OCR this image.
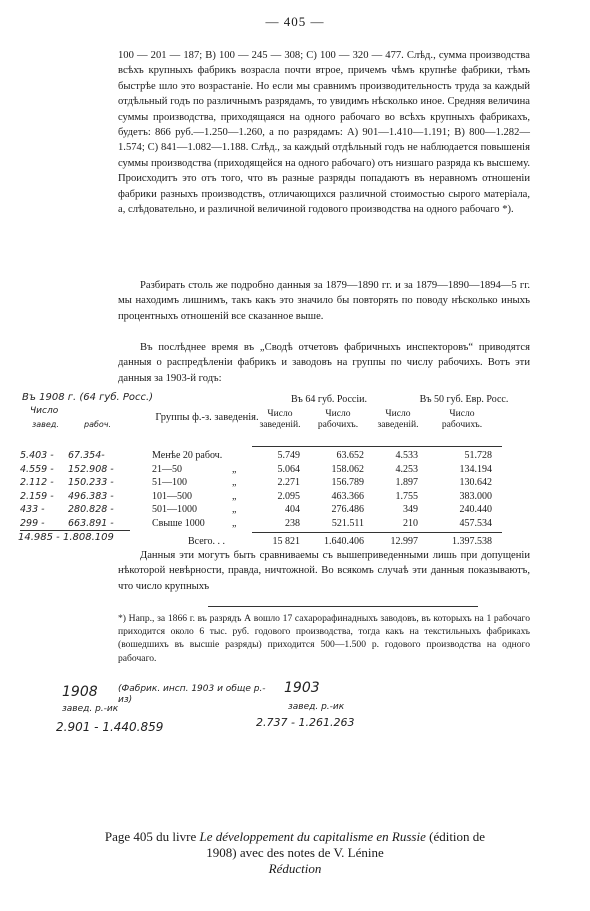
— 405 —

100 — 201 — 187; В) 100 — 245 — 308; С) 100 — 320 — 477. Слѣд., сумма производства всѣхъ крупныхъ фабрикъ возрасла почти втрое, причемъ чѣмъ крупнѣе фабрики, тѣмъ быстрѣе шло это возрастаніе. Но если мы сравнимъ производительность труда за каждый отдѣльный годъ по различнымъ разрядамъ, то увидимъ нѣсколько иное. Средняя величина суммы производства, приходящаяся на одного рабочаго во всѣхъ крупныхъ фабрикахъ, будетъ: 866 руб.—1.250—1.260, а по разрядамъ: А) 901—1.410—1.191; В) 800—1.282—1.574; С) 841—1.082—1.188. Слѣд., за каждый отдѣльный годъ не наблюдается повышенія суммы производства (приходящейся на одного рабочаго) отъ низшаго разряда къ высшему. Происходитъ это отъ того, что въ разные разряды попадаютъ въ неравномъ отношеніи фабрики разныхъ производствъ, отличающихся различной стоимостью сырого матеріала, а, слѣдовательно, и различной величиной годового производства на одного рабочаго *).

Разбирать столь же подробно данныя за 1879—1890 гг. и за 1879—1890—1894—5 гг. мы находимъ лишнимъ, такъ какъ это значило бы повторять по поводу нѣсколько иныхъ процентныхъ отношеній все сказанное выше.

Въ послѣднее время въ „Сводѣ отчетовъ фабричныхъ инспекторовъ“ приводятся данныя о распредѣленіи фабрикъ и заводовъ на группы по числу рабочихъ. Вотъ эти данныя за 1903-й годъ:

Въ 1908 г. (64 губ. Росс.)
Число
завед.	рабоч.
Въ 64 губ. Россіи.	Въ 50 губ. Евр. Росс.
Группы ф.-з. заведенія. Число заведеній.
Число рабочихъ.
Число заведеній.
Число рабочихъ.
5.403 -	67.354-	Менѣе 20 рабоч.	5.749	63.652	4.533	51.728
4.559 -	152.908 -	21—50	„	5.064	158.062	4.253	134.194
2.112 -	150.233 -	51—100	„	2.271	156.789	1.897	130.642
2.159 -	496.383 -	101—500	„	2.095	463.366	1.755	383.000
433 -	280.828 -	501—1000	„	404	276.486	349	240.440
299 -	663.891 -	Свыше 1000	„	238	521.511	210	457.534
Всего. . .	15 821	1.640.406	12.997	1.397.538
14.985 - 1.808.109

Данныя эти могутъ быть сравниваемы съ вышеприведенными лишь при допущеніи нѣкоторой невѣрности, правда, ничтожной. Во всякомъ случаѣ эти данныя показываютъ, что число крупныхъ

*) Напр., за 1866 г. въ разрядъ А вошло 17 сахарорафинадныхъ заводовъ, въ которыхъ на 1 рабочаго приходится около 6 тыс. руб. годового производства, тогда какъ на текстильныхъ фабрикахъ (вошедшихъ въ высшіе разряды) приходится 500—1.500 р. годового производства на одного рабочаго.
1908 (Фабрик. инсп. 1903 и обще р.-из)
1903
завед. р.-ик	завед. р.-ик
2.901 - 1.440.859	2.737 - 1.261.263
Page 405 du livre Le développement du capitalisme en Russie (édition de
1908) avec des notes de V. Lénine
Réduction
